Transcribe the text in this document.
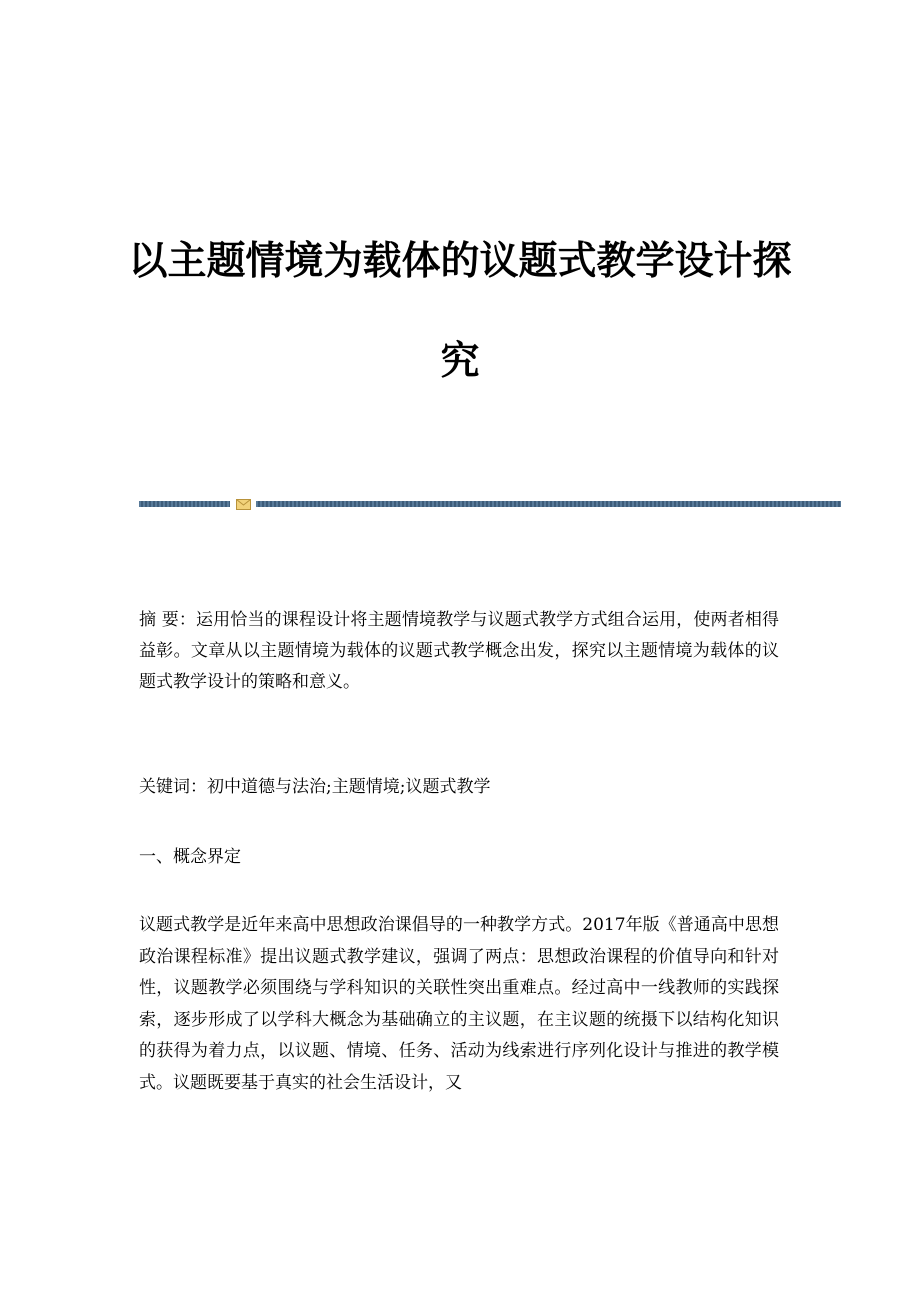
以主题情境为载体的议题式教学设计探
究

摘 要：运用恰当的课程设计将主题情境教学与议题式教学方式组合运用，使两者相得益彰。文章从以主题情境为载体的议题式教学概念出发，探究以主题情境为载体的议题式教学设计的策略和意义。

关键词：初中道德与法治;主题情境;议题式教学

一、概念界定

议题式教学是近年来高中思想政治课倡导的一种教学方式。2017年版《普通高中思想政治课程标准》提出议题式教学建议，强调了两点：思想政治课程的价值导向和针对性，议题教学必须围绕与学科知识的关联性突出重难点。经过高中一线教师的实践探索，逐步形成了以学科大概念为基础确立的主议题，在主议题的统摄下以结构化知识的获得为着力点，以议题、情境、任务、活动为线索进行序列化设计与推进的教学模式。议题既要基于真实的社会生活设计，又
